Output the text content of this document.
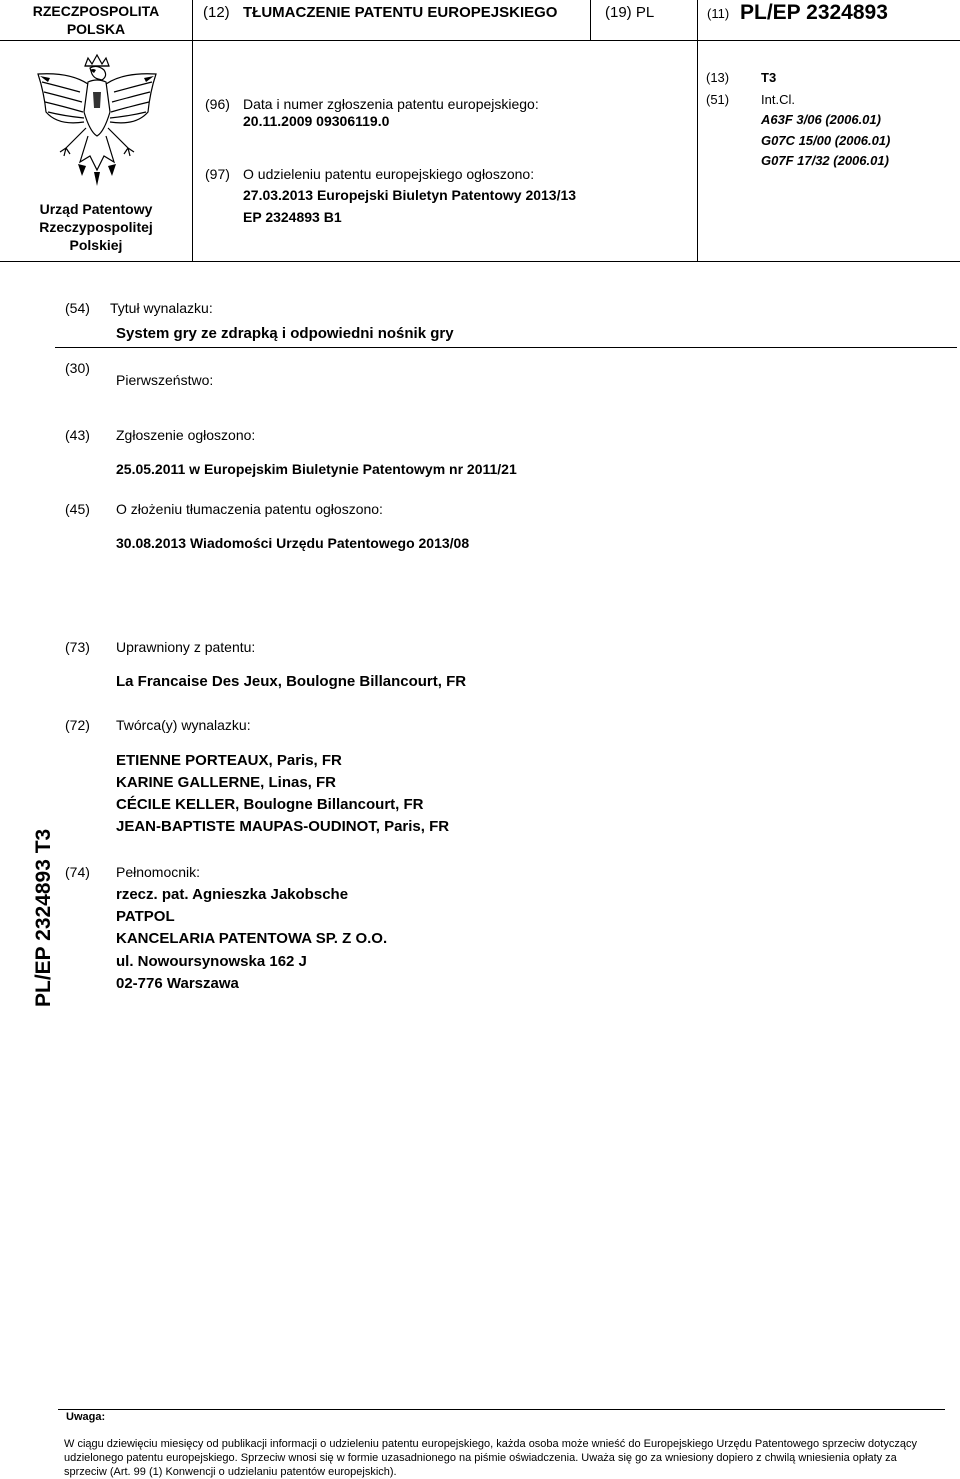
RZECZPOSPOLITA
POLSKA
(12) TŁUMACZENIE PATENTU EUROPEJSKIEGO	(19) PL	(11) PL/EP 2324893
Urząd Patentowy
Rzeczypospolitej
Polskiej
(96) Data i numer zgłoszenia patentu europejskiego:
20.11.2009 09306119.0
(97) O udzieleniu patentu europejskiego ogłoszono:
27.03.2013 Europejski Biuletyn Patentowy 2013/13
EP 2324893 B1
(13) T3
(51) Int.Cl.
A63F 3/06 (2006.01)
G07C 15/00 (2006.01)
G07F 17/32 (2006.01)
(54) Tytuł wynalazku:
System gry ze zdrapką i odpowiedni nośnik gry
(30)
Pierwszeństwo:
(43) Zgłoszenie ogłoszono:
25.05.2011 w Europejskim Biuletynie Patentowym nr 2011/21
(45) O złożeniu tłumaczenia patentu ogłoszono:
30.08.2013 Wiadomości Urzędu Patentowego 2013/08
(73) Uprawniony z patentu:
La Francaise Des Jeux, Boulogne Billancourt, FR
(72) Twórca(y) wynalazku:
ETIENNE PORTEAUX, Paris, FR
KARINE GALLERNE, Linas, FR
CÉCILE KELLER, Boulogne Billancourt, FR
JEAN-BAPTISTE MAUPAS-OUDINOT, Paris, FR
(74) Pełnomocnik:
rzecz. pat. Agnieszka Jakobsche
PATPOL
KANCELARIA PATENTOWA SP. Z O.O.
ul. Nowoursynowska 162 J
02-776 Warszawa
PL/EP 2324893 T3
Uwaga:
W ciągu dziewięciu miesięcy od publikacji informacji o udzieleniu patentu europejskiego, każda osoba może wnieść do Europejskiego Urzędu Patentowego sprzeciw dotyczący
udzielonego patentu europejskiego. Sprzeciw wnosi się w formie uzasadnionego na piśmie oświadczenia. Uważa się go za wniesiony dopiero z chwilą wniesienia opłaty za
sprzeciw (Art. 99 (1) Konwencji o udzielaniu patentów europejskich).
